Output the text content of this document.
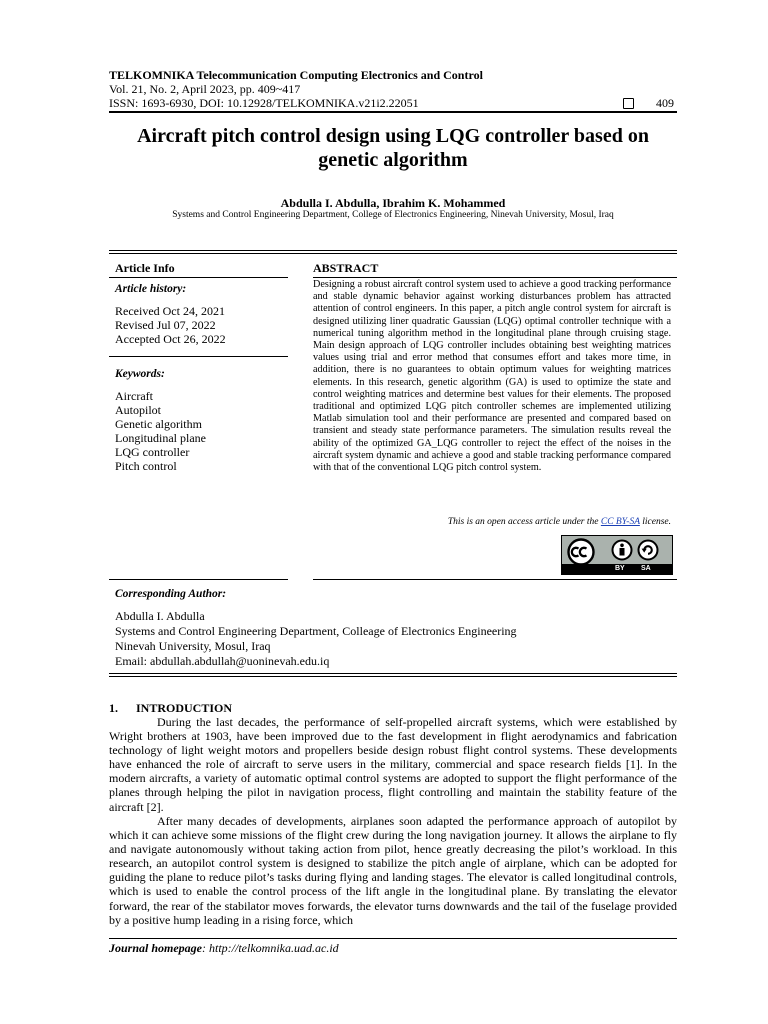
TELKOMNIKA Telecommunication Computing Electronics and Control
Vol. 21, No. 2, April 2023, pp. 409~417
ISSN: 1693-6930, DOI: 10.12928/TELKOMNIKA.v21i2.22051	409
Aircraft pitch control design using LQG controller based on genetic algorithm
Abdulla I. Abdulla, Ibrahim K. Mohammed
Systems and Control Engineering Department, College of Electronics Engineering, Ninevah University, Mosul, Iraq
Article Info
Article history:
Received Oct 24, 2021
Revised Jul 07, 2022
Accepted Oct 26, 2022
Keywords:
Aircraft
Autopilot
Genetic algorithm
Longitudinal plane
LQG controller
Pitch control
ABSTRACT

Designing a robust aircraft control system used to achieve a good tracking performance and stable dynamic behavior against working disturbances problem has attracted attention of control engineers. In this paper, a pitch angle control system for aircraft is designed utilizing liner quadratic Gaussian (LQG) optimal controller technique with a numerical tuning algorithm method in the longitudinal plane through cruising stage. Main design approach of LQG controller includes obtaining best weighting matrices values using trial and error method that consumes effort and takes more time, in addition, there is no guarantees to obtain optimum values for weighting matrices elements. In this research, genetic algorithm (GA) is used to optimize the state and control weighting matrices and determine best values for their elements. The proposed traditional and optimized LQG pitch controller schemes are implemented utilizing Matlab simulation tool and their performance are presented and compared based on transient and steady state performance parameters. The simulation results reveal the ability of the optimized GA_LQG controller to reject the effect of the noises in the aircraft system dynamic and achieve a good and stable tracking performance compared with that of the conventional LQG pitch control system.

This is an open access article under the CC BY-SA license.
BY SA
Corresponding Author:
Abdulla I. Abdulla
Systems and Control Engineering Department, Colleage of Electronics Engineering
Ninevah University, Mosul, Iraq
Email: abdullah.abdullah@uoninevah.edu.iq
1. INTRODUCTION

During the last decades, the performance of self-propelled aircraft systems, which were established by Wright brothers at 1903, have been improved due to the fast development in flight aerodynamics and fabrication technology of light weight motors and propellers beside design robust flight control systems. These developments have enhanced the role of aircraft to serve users in the military, commercial and space research fields [1]. In the modern aircrafts, a variety of automatic optimal control systems are adopted to support the flight performance of the planes through helping the pilot in navigation process, flight controlling and maintain the stability feature of the aircraft [2].

After many decades of developments, airplanes soon adapted the performance approach of autopilot by which it can achieve some missions of the flight crew during the long navigation journey. It allows the airplane to fly and navigate autonomously without taking action from pilot, hence greatly decreasing the pilot’s workload. In this research, an autopilot control system is designed to stabilize the pitch angle of airplane, which can be adopted for guiding the plane to reduce pilot’s tasks during flying and landing stages. The elevator is called longitudinal controls, which is used to enable the control process of the lift angle in the longitudinal plane. By translating the elevator forward, the rear of the stabilator moves forwards, the elevator turns downwards and the tail of the fuselage provided by a positive hump leading in a rising force, which

Journal homepage: http://telkomnika.uad.ac.id
